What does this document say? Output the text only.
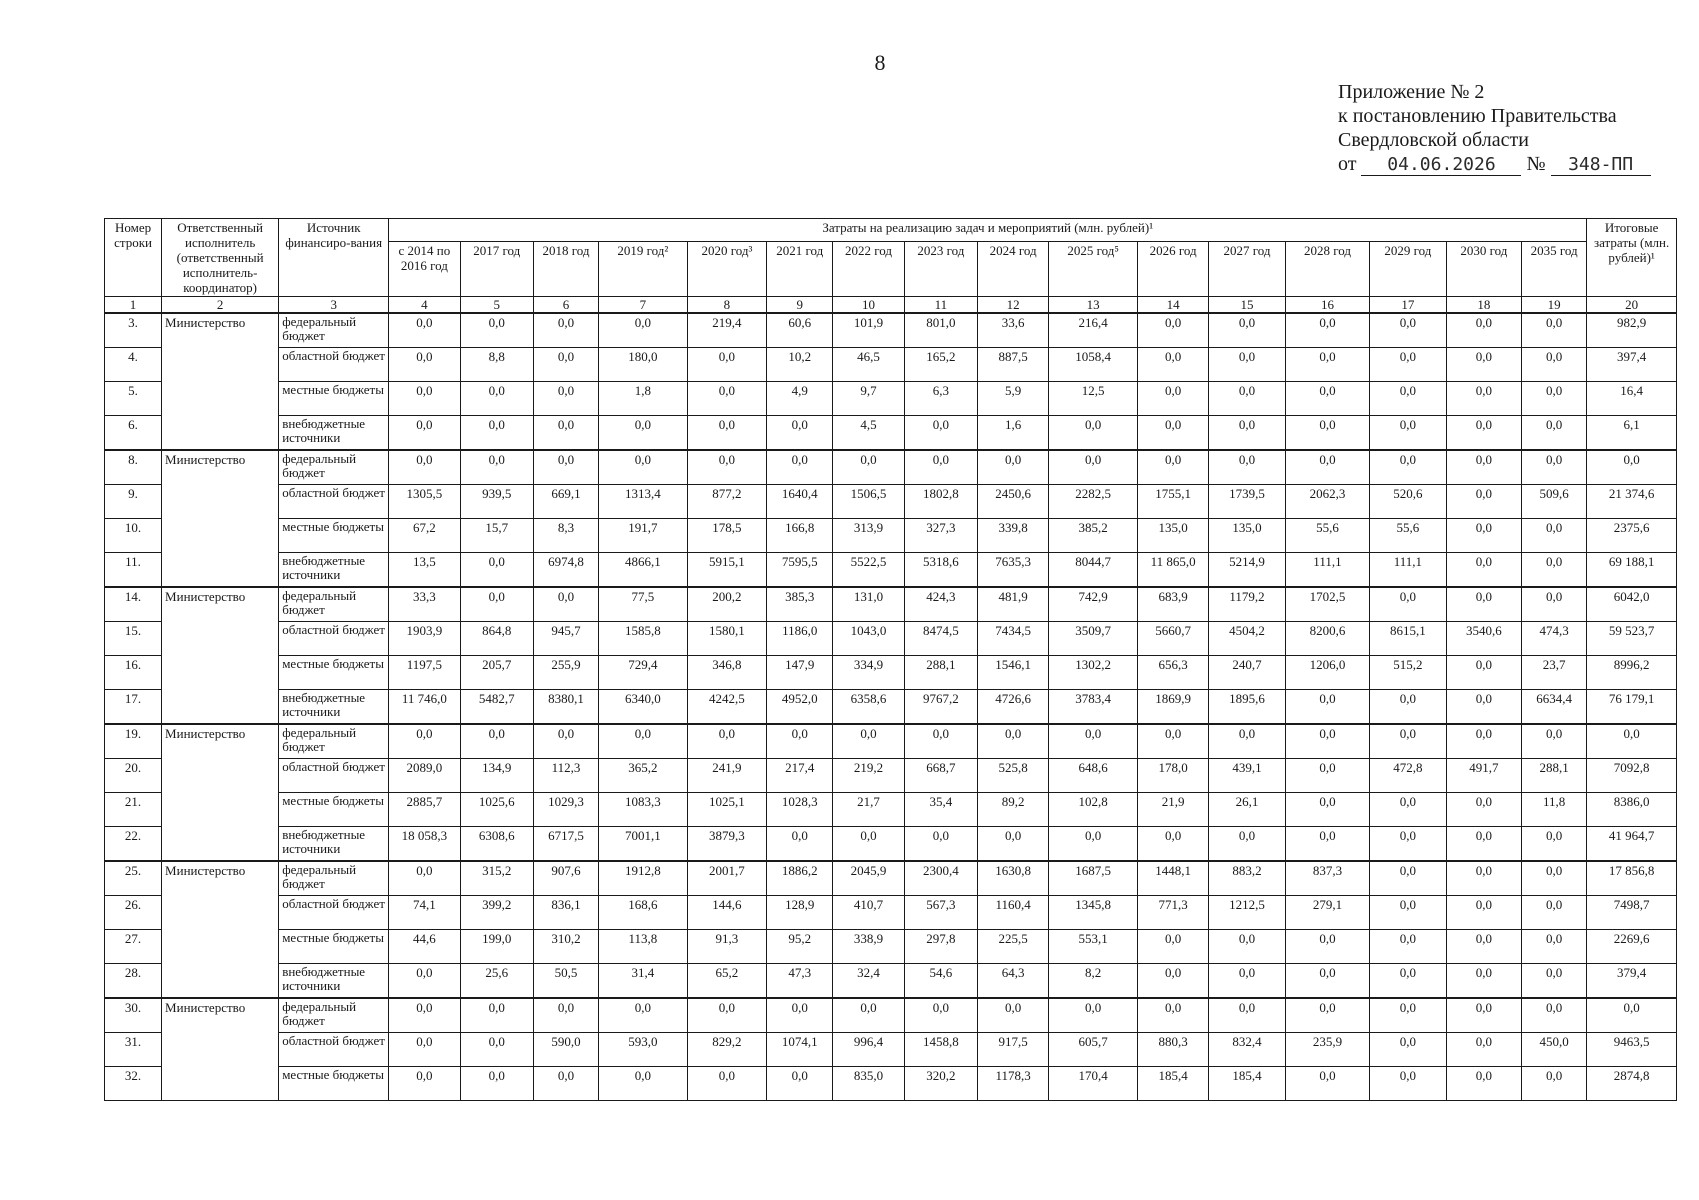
8
Приложение № 2
к постановлению Правительства
Свердловской области
от 04.06.2026 № 348-ПП
Номер строки	Ответственный исполнитель (ответственный исполнитель-координатор)	Источник финансиро-вания	Затраты на реализацию задач и мероприятий (млн. рублей)¹																Итоговые затраты (млн. рублей)¹
			с 2014 по 2016 год	2017 год	2018 год	2019 год²	2020 год³	2021 год	2022 год	2023 год	2024 год	2025 год⁵	2026 год	2027 год	2028 год	2029 год	2030 год	2035 год	
1	2	3	4	5	6	7	8	9	10	11	12	13	14	15	16	17	18	19	20
3.	Министерство	федеральный бюджет	0,0	0,0	0,0	0,0	219,4	60,6	101,9	801,0	33,6	216,4	0,0	0,0	0,0	0,0	0,0	0,0	982,9
4.		областной бюджет	0,0	8,8	0,0	180,0	0,0	10,2	46,5	165,2	887,5	1058,4	0,0	0,0	0,0	0,0	0,0	0,0	397,4
5.		местные бюджеты	0,0	0,0	0,0	1,8	0,0	4,9	9,7	6,3	5,9	12,5	0,0	0,0	0,0	0,0	0,0	0,0	16,4
6.		внебюджетные источники	0,0	0,0	0,0	0,0	0,0	0,0	4,5	0,0	1,6	0,0	0,0	0,0	0,0	0,0	0,0	0,0	6,1
8.	Министерство	федеральный бюджет	0,0	0,0	0,0	0,0	0,0	0,0	0,0	0,0	0,0	0,0	0,0	0,0	0,0	0,0	0,0	0,0	0,0
9.		областной бюджет	1305,5	939,5	669,1	1313,4	877,2	1640,4	1506,5	1802,8	2450,6	2282,5	1755,1	1739,5	2062,3	520,6	0,0	509,6	21 374,6
10.		местные бюджеты	67,2	15,7	8,3	191,7	178,5	166,8	313,9	327,3	339,8	385,2	135,0	135,0	55,6	55,6	0,0	0,0	2375,6
11.		внебюджетные источники	13,5	0,0	6974,8	4866,1	5915,1	7595,5	5522,5	5318,6	7635,3	8044,7	11 865,0	5214,9	111,1	111,1	0,0	0,0	69 188,1
14.	Министерство	федеральный бюджет	33,3	0,0	0,0	77,5	200,2	385,3	131,0	424,3	481,9	742,9	683,9	1179,2	1702,5	0,0	0,0	0,0	6042,0
15.		областной бюджет	1903,9	864,8	945,7	1585,8	1580,1	1186,0	1043,0	8474,5	7434,5	3509,7	5660,7	4504,2	8200,6	8615,1	3540,6	474,3	59 523,7
16.		местные бюджеты	1197,5	205,7	255,9	729,4	346,8	147,9	334,9	288,1	1546,1	1302,2	656,3	240,7	1206,0	515,2	0,0	23,7	8996,2
17.		внебюджетные источники	11 746,0	5482,7	8380,1	6340,0	4242,5	4952,0	6358,6	9767,2	4726,6	3783,4	1869,9	1895,6	0,0	0,0	0,0	6634,4	76 179,1
19.	Министерство	федеральный бюджет	0,0	0,0	0,0	0,0	0,0	0,0	0,0	0,0	0,0	0,0	0,0	0,0	0,0	0,0	0,0	0,0	0,0
20.		областной бюджет	2089,0	134,9	112,3	365,2	241,9	217,4	219,2	668,7	525,8	648,6	178,0	439,1	0,0	472,8	491,7	288,1	7092,8
21.		местные бюджеты	2885,7	1025,6	1029,3	1083,3	1025,1	1028,3	21,7	35,4	89,2	102,8	21,9	26,1	0,0	0,0	0,0	11,8	8386,0
22.		внебюджетные источники	18 058,3	6308,6	6717,5	7001,1	3879,3	0,0	0,0	0,0	0,0	0,0	0,0	0,0	0,0	0,0	0,0	0,0	41 964,7
25.	Министерство	федеральный бюджет	0,0	315,2	907,6	1912,8	2001,7	1886,2	2045,9	2300,4	1630,8	1687,5	1448,1	883,2	837,3	0,0	0,0	0,0	17 856,8
26.		областной бюджет	74,1	399,2	836,1	168,6	144,6	128,9	410,7	567,3	1160,4	1345,8	771,3	1212,5	279,1	0,0	0,0	0,0	7498,7
27.		местные бюджеты	44,6	199,0	310,2	113,8	91,3	95,2	338,9	297,8	225,5	553,1	0,0	0,0	0,0	0,0	0,0	0,0	2269,6
28.		внебюджетные источники	0,0	25,6	50,5	31,4	65,2	47,3	32,4	54,6	64,3	8,2	0,0	0,0	0,0	0,0	0,0	0,0	379,4
30.	Министерство	федеральный бюджет	0,0	0,0	0,0	0,0	0,0	0,0	0,0	0,0	0,0	0,0	0,0	0,0	0,0	0,0	0,0	0,0	0,0
31.		областной бюджет	0,0	0,0	590,0	593,0	829,2	1074,1	996,4	1458,8	917,5	605,7	880,3	832,4	235,9	0,0	0,0	450,0	9463,5
32.		местные бюджеты	0,0	0,0	0,0	0,0	0,0	0,0	835,0	320,2	1178,3	170,4	185,4	185,4	0,0	0,0	0,0	0,0	2874,8
